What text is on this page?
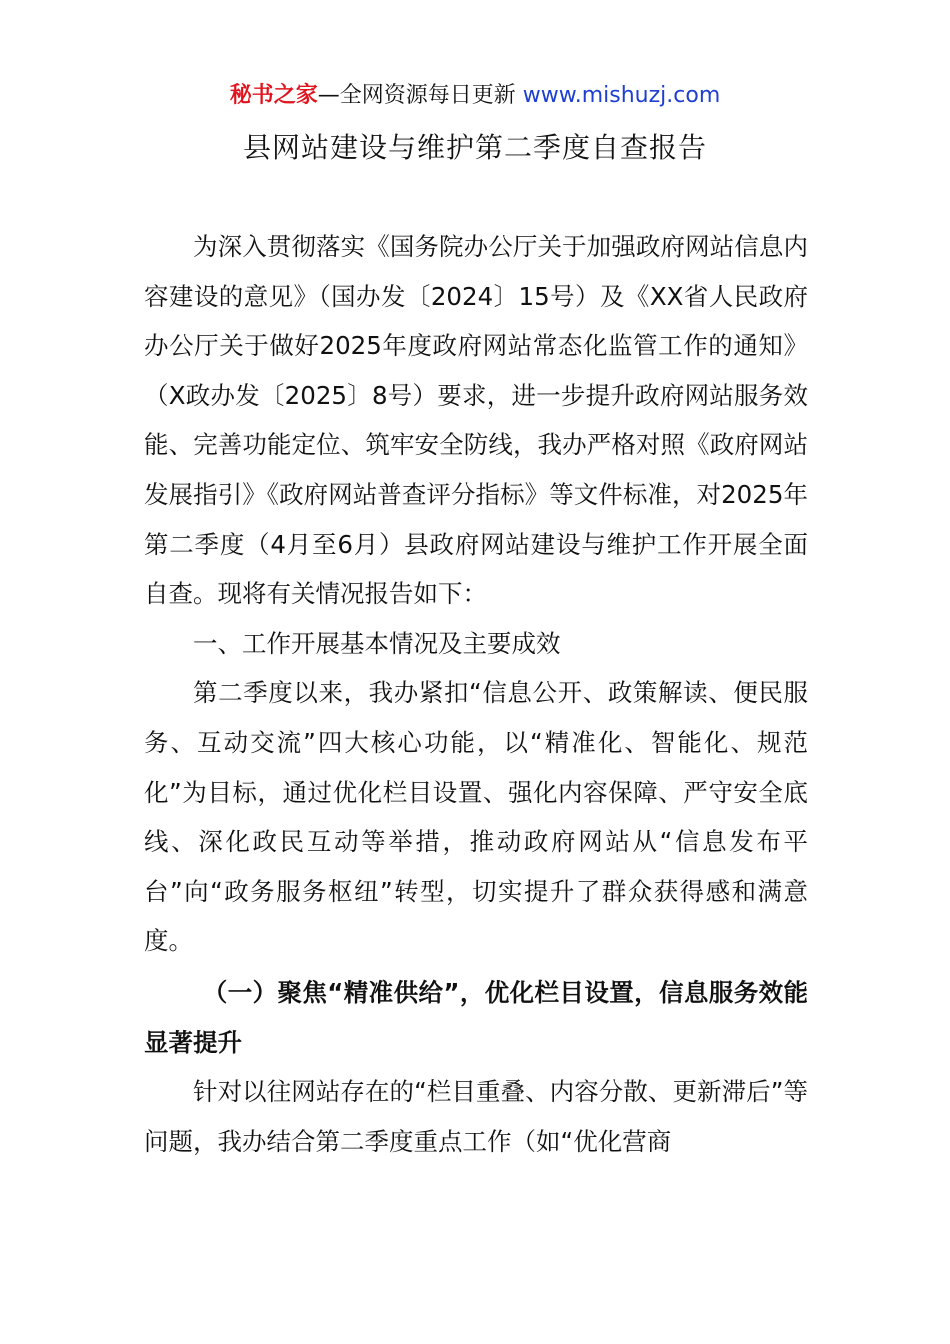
秘书之家—全网资源每日更新 www.mishuzj.com
县网站建设与维护第二季度自查报告

为深入贯彻落实《国务院办公厅关于加强政府网站信息内容建设的意见》（国办发〔2024〕15号）及《XX省人民政府办公厅关于做好2025年度政府网站常态化监管工作的通知》（X政办发〔2025〕8号）要求，进一步提升政府网站服务效能、完善功能定位、筑牢安全防线，我办严格对照《政府网站发展指引》《政府网站普查评分指标》等文件标准，对2025年第二季度（4月至6月）县政府网站建设与维护工作开展全面自查。现将有关情况报告如下：

一、工作开展基本情况及主要成效

第二季度以来，我办紧扣“信息公开、政策解读、便民服务、互动交流”四大核心功能，以“精准化、智能化、规范化”为目标，通过优化栏目设置、强化内容保障、严守安全底线、深化政民互动等举措，推动政府网站从“信息发布平台”向“政务服务枢纽”转型，切实提升了群众获得感和满意度。

（一）聚焦“精准供给”，优化栏目设置，信息服务效能显著提升

针对以往网站存在的“栏目重叠、内容分散、更新滞后”等问题，我办结合第二季度重点工作（如“优化营商
